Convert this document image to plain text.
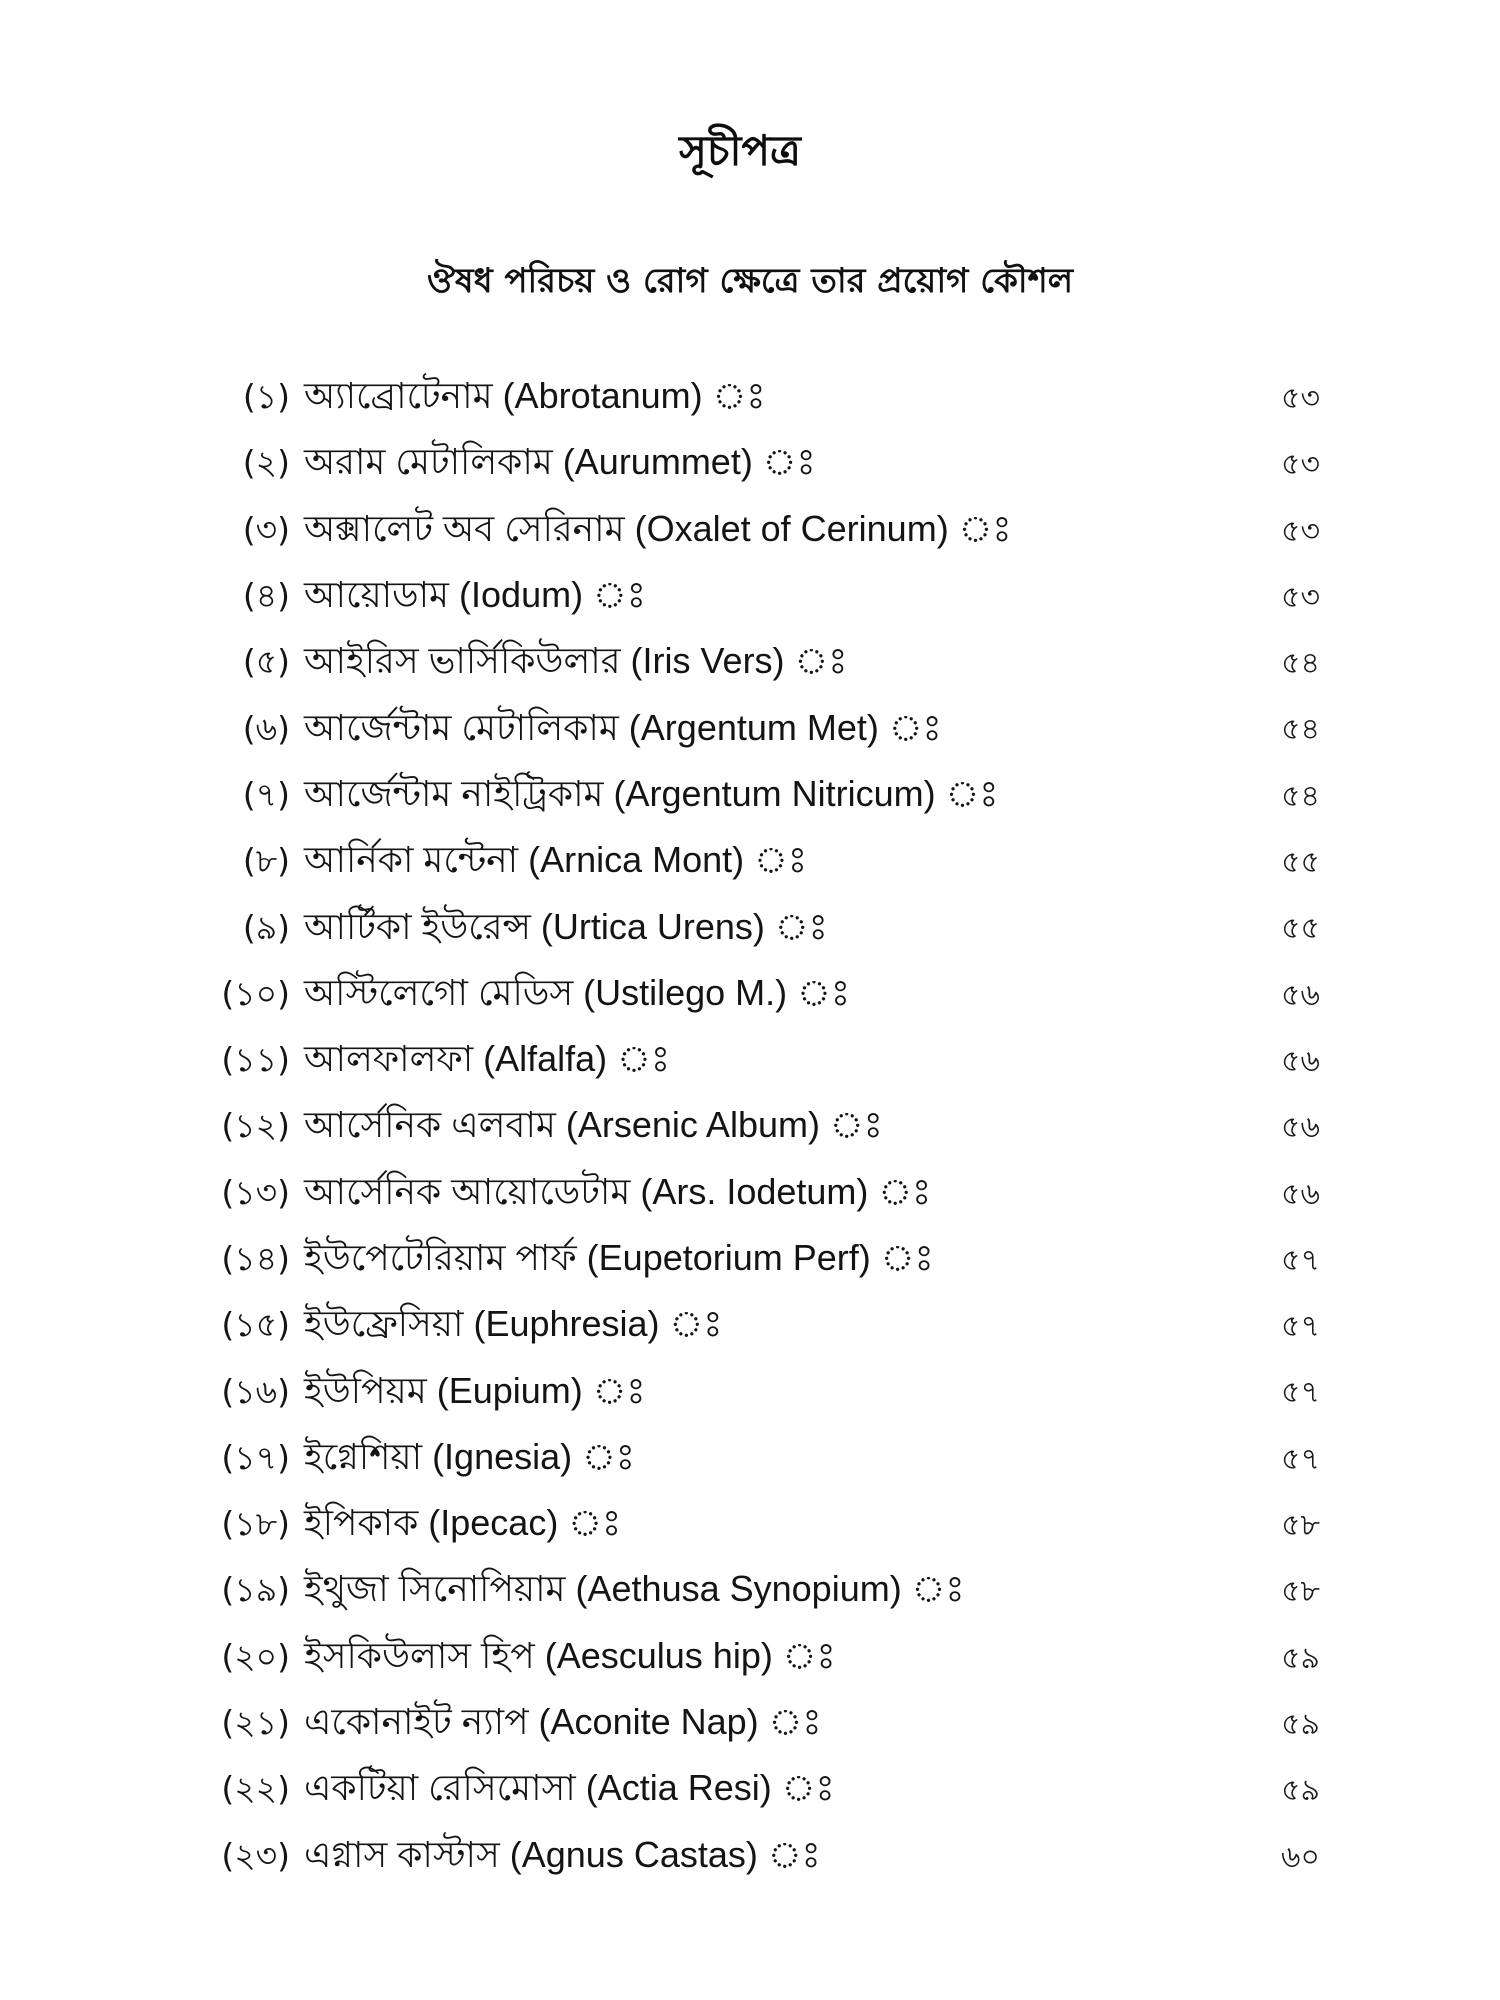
সূচীপত্র
ঔষধ পরিচয় ও রোগ ক্ষেত্রে তার প্রয়োগ কৌশল
(১) অ্যাব্রোটেনাম (Abrotanum) ঃ	৫৩
(২) অরাম মেটালিকাম (Aurummet) ঃ	৫৩
(৩) অক্সালেট অব সেরিনাম (Oxalet of Cerinum) ঃ	৫৩
(৪) আয়োডাম (Iodum) ঃ	৫৩
(৫) আইরিস ভার্সিকিউলার (Iris Vers) ঃ	৫৪
(৬) আর্জেন্টাম মেটালিকাম (Argentum Met) ঃ	৫৪
(৭) আর্জেন্টাম নাইট্রিকাম (Argentum Nitricum) ঃ	৫৪
(৮) আর্নিকা মন্টেনা (Arnica Mont) ঃ	৫৫
(৯) আর্টিকা ইউরেন্স (Urtica Urens) ঃ	৫৫
(১০) অস্টিলেগো মেডিস (Ustilego M.) ঃ	৫৬
(১১) আলফালফা (Alfalfa) ঃ	৫৬
(১২) আর্সেনিক এলবাম (Arsenic Album) ঃ	৫৬
(১৩) আর্সেনিক আয়োডেটাম (Ars. Iodetum) ঃ	৫৬
(১৪) ইউপেটেরিয়াম পার্ফ (Eupetorium Perf) ঃ	৫৭
(১৫) ইউফ্রেসিয়া (Euphresia) ঃ	৫৭
(১৬) ইউপিয়ম (Eupium) ঃ	৫৭
(১৭) ইগ্নেশিয়া (Ignesia) ঃ	৫৭
(১৮) ইপিকাক (Ipecac) ঃ	৫৮
(১৯) ইথুজা সিনোপিয়াম (Aethusa Synopium) ঃ	৫৮
(২০) ইসকিউলাস হিপ (Aesculus hip) ঃ	৫৯
(২১) একোনাইট ন্যাপ (Aconite Nap) ঃ	৫৯
(২২) একটিয়া রেসিমোসা (Actia Resi) ঃ	৫৯
(২৩) এগ্নাস কাস্টাস (Agnus Castas) ঃ	৬০
